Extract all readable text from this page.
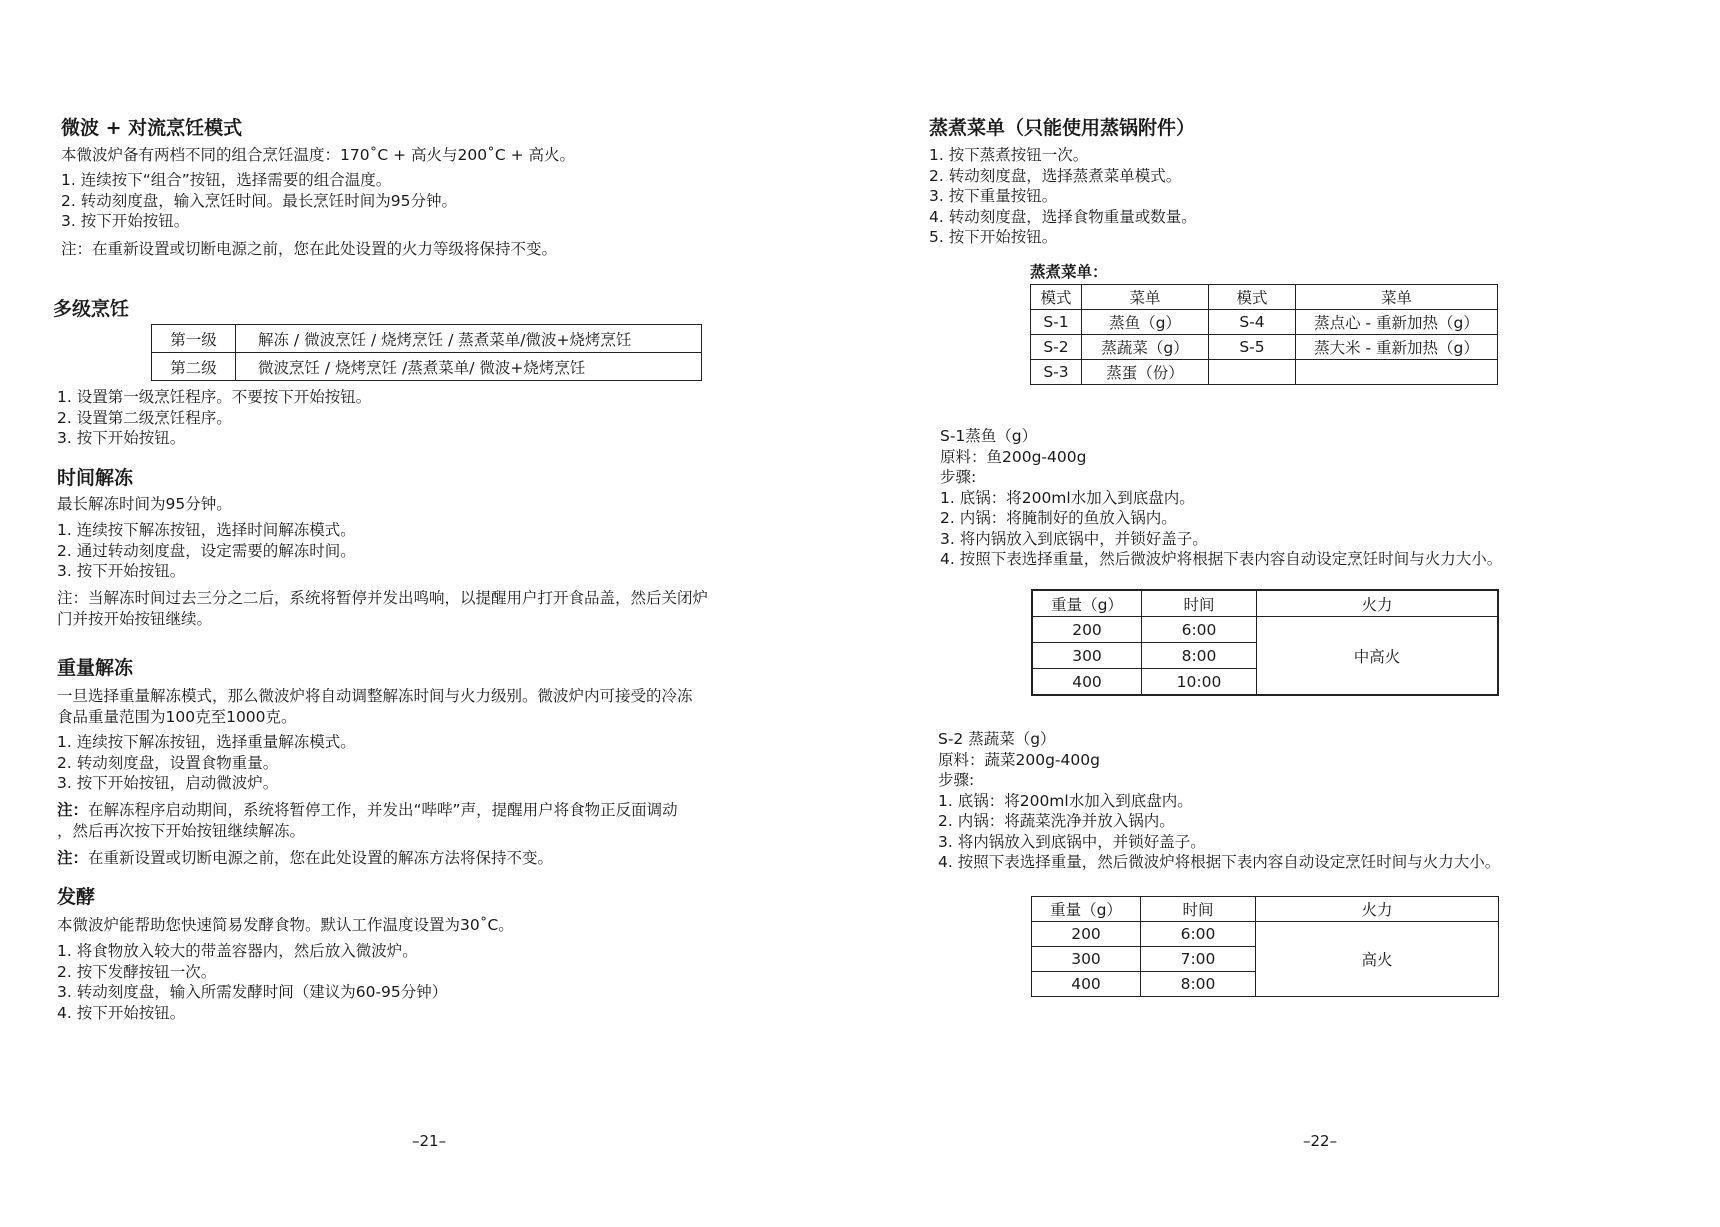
微波 + 对流烹饪模式
本微波炉备有两档不同的组合烹饪温度：170˚C + 高火与200˚C + 高火。
1. 连续按下“组合”按钮，选择需要的组合温度。
2. 转动刻度盘，输入烹饪时间。最长烹饪时间为95分钟。
3. 按下开始按钮。
注：在重新设置或切断电源之前，您在此处设置的火力等级将保持不变。
多级烹饪
第一级	解冻 / 微波烹饪 / 烧烤烹饪 / 蒸煮菜单/微波+烧烤烹饪
第二级	微波烹饪 / 烧烤烹饪 /蒸煮菜单/ 微波+烧烤烹饪
1. 设置第一级烹饪程序。不要按下开始按钮。
2. 设置第二级烹饪程序。
3. 按下开始按钮。
时间解冻
最长解冻时间为95分钟。
1. 连续按下解冻按钮，选择时间解冻模式。
2. 通过转动刻度盘，设定需要的解冻时间。
3. 按下开始按钮。
注：当解冻时间过去三分之二后，系统将暂停并发出鸣响，以提醒用户打开食品盖，然后关闭炉
门并按开始按钮继续。
重量解冻
一旦选择重量解冻模式，那么微波炉将自动调整解冻时间与火力级别。微波炉内可接受的冷冻
食品重量范围为100克至1000克。
1. 连续按下解冻按钮，选择重量解冻模式。
2. 转动刻度盘，设置食物重量。
3. 按下开始按钮，启动微波炉。
注：在解冻程序启动期间，系统将暂停工作，并发出“哔哔”声，提醒用户将食物正反面调动
，然后再次按下开始按钮继续解冻。
注：在重新设置或切断电源之前，您在此处设置的解冻方法将保持不变。
发酵
本微波炉能帮助您快速简易发酵食物。默认工作温度设置为30˚C。
1. 将食物放入较大的带盖容器内，然后放入微波炉。
2. 按下发酵按钮一次。
3. 转动刻度盘，输入所需发酵时间（建议为60-95分钟）
4. 按下开始按钮。
–21–
蒸煮菜单（只能使用蒸锅附件）
1. 按下蒸煮按钮一次。
2. 转动刻度盘，选择蒸煮菜单模式。
3. 按下重量按钮。
4. 转动刻度盘，选择食物重量或数量。
5. 按下开始按钮。
蒸煮菜单：
模式	菜单	模式	菜单
S-1	蒸鱼（g）	S-4	蒸点心 - 重新加热（g）
S-2	蒸蔬菜（g）	S-5	蒸大米 - 重新加热（g）
S-3	蒸蛋（份）		
S-1蒸鱼（g）
原料：鱼200g-400g
步骤:
1. 底锅：将200ml水加入到底盘内。
2. 内锅：将腌制好的鱼放入锅内。
3. 将内锅放入到底锅中，并锁好盖子。
4. 按照下表选择重量，然后微波炉将根据下表内容自动设定烹饪时间与火力大小。
重量（g）	时间	火力
200	6:00	中高火
300	8:00	
400	10:00	
S-2 蒸蔬菜（g）
原料：蔬菜200g-400g
步骤:
1. 底锅：将200ml水加入到底盘内。
2. 内锅：将蔬菜洗净并放入锅内。
3. 将内锅放入到底锅中，并锁好盖子。
4. 按照下表选择重量，然后微波炉将根据下表内容自动设定烹饪时间与火力大小。
重量（g）	时间	火力
200	6:00	高火
300	7:00	
400	8:00	
–22–
